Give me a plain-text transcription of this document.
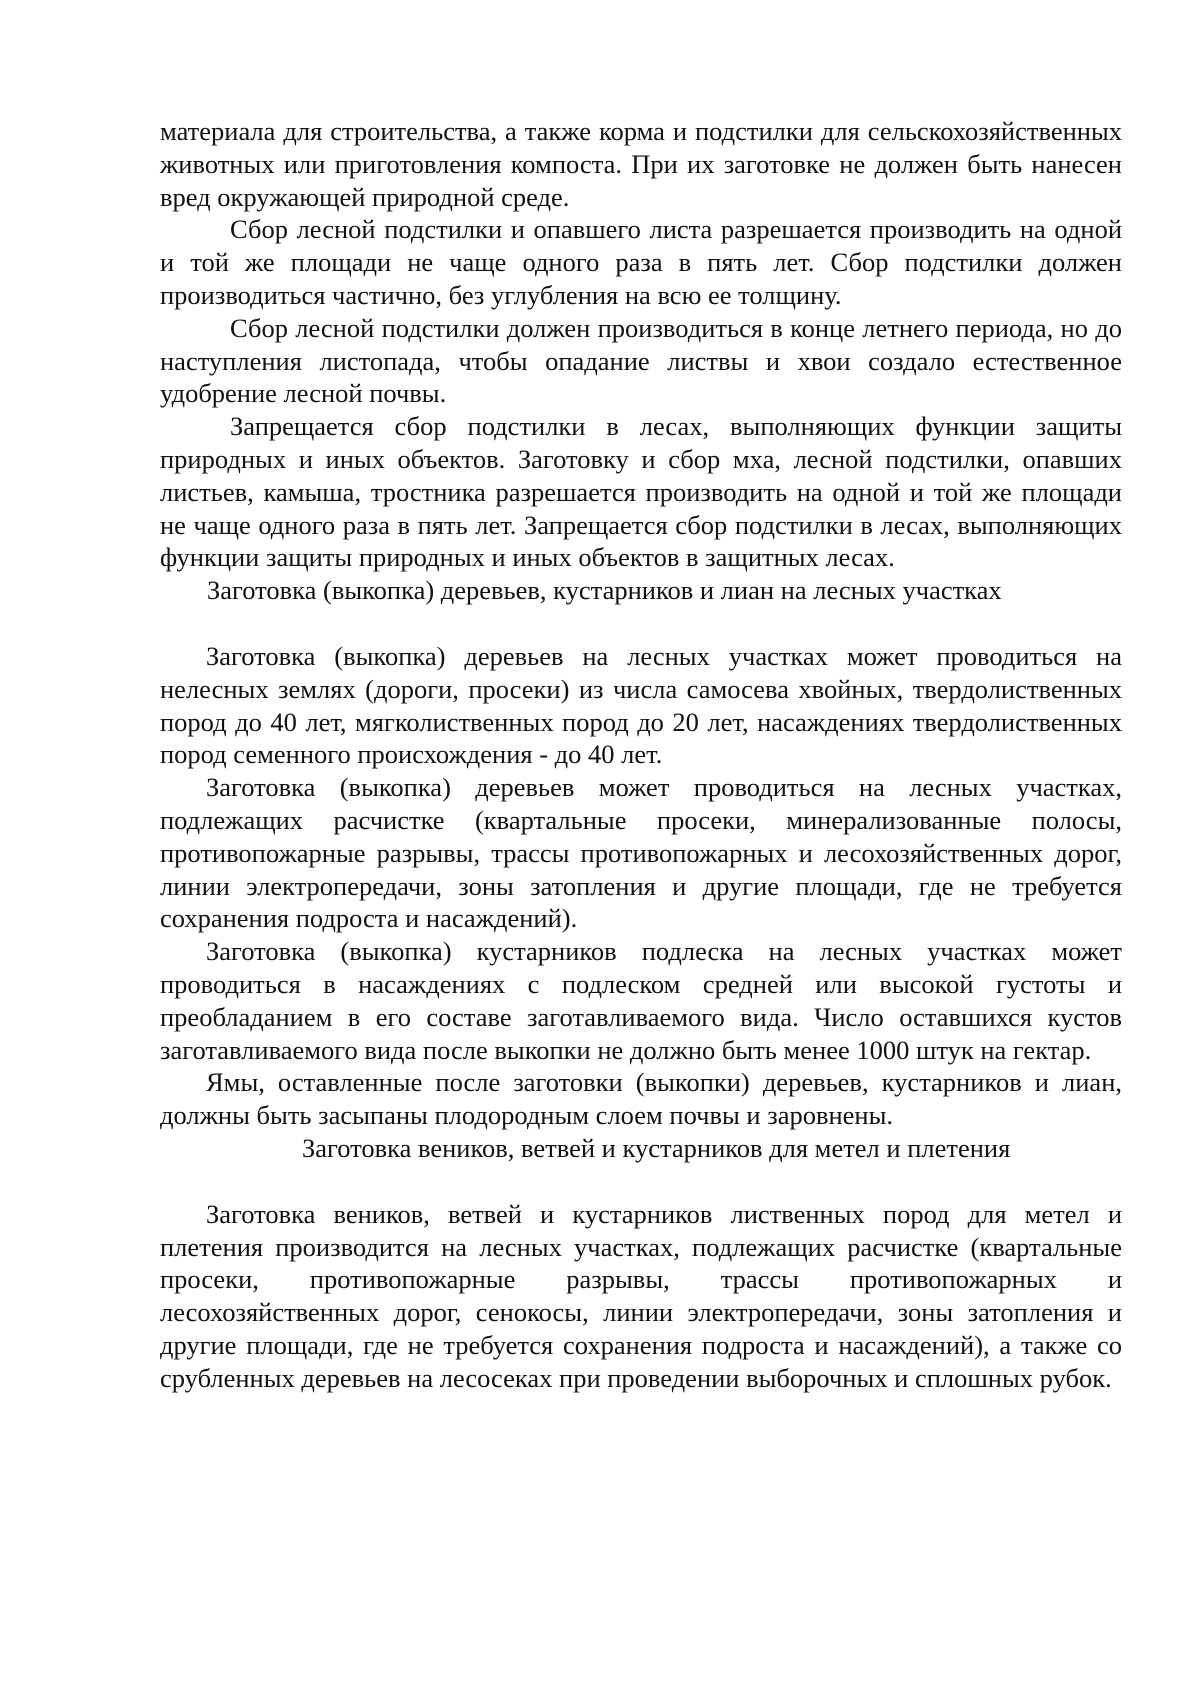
материала для строительства, а также корма и подстилки для сельскохозяйственных животных или приготовления компоста. При их заготовке не должен быть нанесен вред окружающей природной среде.

Сбор лесной подстилки и опавшего листа разрешается производить на одной и той же площади не чаще одного раза в пять лет. Сбор подстилки должен производиться частично, без углубления на всю ее толщину.

Сбор лесной подстилки должен производиться в конце летнего периода, но до наступления листопада, чтобы опадание листвы и хвои создало естественное удобрение лесной почвы.

Запрещается сбор подстилки в лесах, выполняющих функции защиты природных и иных объектов. Заготовку и сбор мха, лесной подстилки, опавших листьев, камыша, тростника разрешается производить на одной и той же площади не чаще одного раза в пять лет. Запрещается сбор подстилки в лесах, выполняющих функции защиты природных и иных объектов в защитных лесах.

Заготовка (выкопка) деревьев, кустарников и лиан на лесных участках

Заготовка (выкопка) деревьев на лесных участках может проводиться на нелесных землях (дороги, просеки) из числа самосева хвойных, твердолиственных пород до 40 лет, мягколиственных пород до 20 лет, насаждениях твердолиственных пород семенного происхождения - до 40 лет.

Заготовка (выкопка) деревьев может проводиться на лесных участках, подлежащих расчистке (квартальные просеки, минерализованные полосы, противопожарные разрывы, трассы противопожарных и лесохозяйственных дорог, линии электропередачи, зоны затопления и другие площади, где не требуется сохранения подроста и насаждений).

Заготовка (выкопка) кустарников подлеска на лесных участках может проводиться в насаждениях с подлеском средней или высокой густоты и преобладанием в его составе заготавливаемого вида. Число оставшихся кустов заготавливаемого вида после выкопки не должно быть менее 1000 штук на гектар.

Ямы, оставленные после заготовки (выкопки) деревьев, кустарников и лиан, должны быть засыпаны плодородным слоем почвы и заровнены.

Заготовка веников, ветвей и кустарников для метел и плетения

Заготовка веников, ветвей и кустарников лиственных пород для метел и плетения производится на лесных участках, подлежащих расчистке (квартальные просеки, противопожарные разрывы, трассы противопожарных и лесохозяйственных дорог, сенокосы, линии электропередачи, зоны затопления и другие площади, где не требуется сохранения подроста и насаждений), а также со срубленных деревьев на лесосеках при проведении выборочных и сплошных рубок.
